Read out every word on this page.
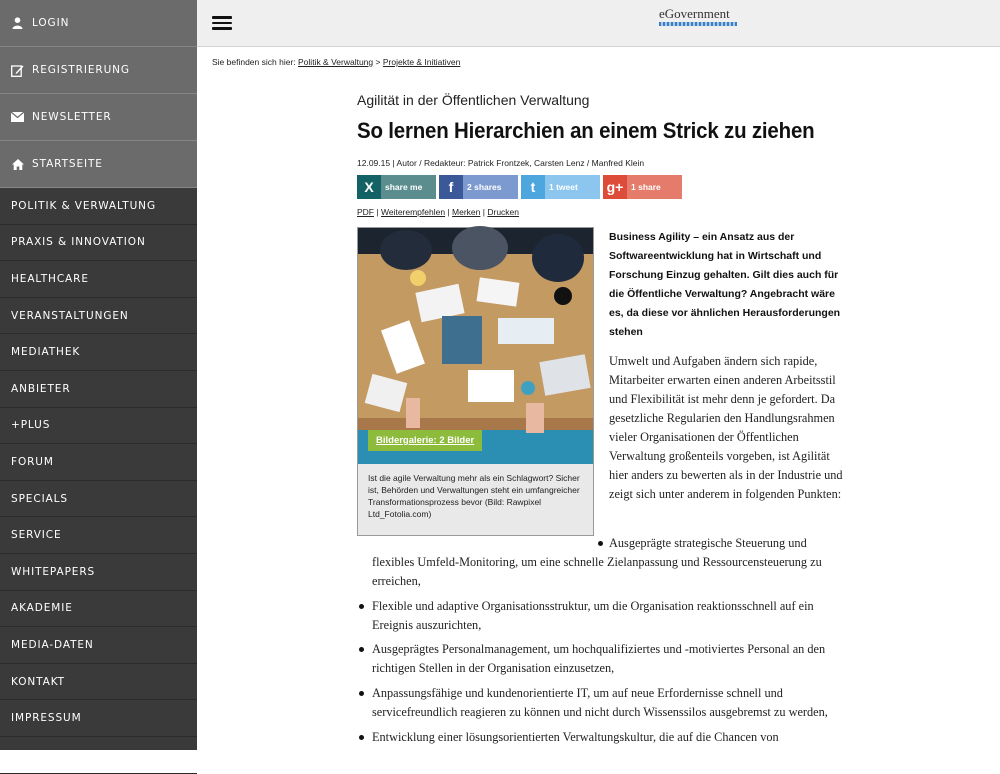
LOGIN
REGISTRIERUNG
NEWSLETTER
STARTSEITE
POLITIK & VERWALTUNG
PRAXIS & INNOVATION
HEALTHCARE
VERANSTALTUNGEN
MEDIATHEK
ANBIETER
+PLUS
FORUM
SPECIALS
SERVICE
WHITEPAPERS
AKADEMIE
MEDIA-DATEN
KONTAKT
IMPRESSUM
MEDIA
eGovernment
Sie befinden sich hier: Politik & Verwaltung > Projekte & Initiativen
Agilität in der Öffentlichen Verwaltung
So lernen Hierarchien an einem Strick zu ziehen
12.09.15 | Autor / Redakteur: Patrick Frontzek, Carsten Lenz / Manfred Klein
X	share me	f	2 shares	t	1 tweet g+ 1 share
PDF | Weiterempfehlen | Merken | Drucken
Bildergalerie: 2 Bilder
Ist die agile Verwaltung mehr als ein Schlagwort? Sicher ist, Behörden und Verwaltungen steht ein umfangreicher Transformationsprozess bevor (Bild: Rawpixel Ltd_Fotolia.com)
Business Agility – ein Ansatz aus der Softwareentwicklung hat in Wirtschaft und Forschung Einzug gehalten. Gilt dies auch für die Öffentliche Verwaltung? Angebracht wäre es, da diese vor ähnlichen Herausforderungen stehen
Umwelt und Aufgaben ändern sich rapide, Mitarbeiter erwarten einen anderen Arbeitsstil und Flexibilität ist mehr denn je gefordert. Da gesetzliche Regularien den Handlungsrahmen vieler Organisationen der Öffentlichen Verwaltung großenteils vorgeben, ist Agilität hier anders zu bewerten als in der Industrie und zeigt sich unter anderem in folgenden Punkten:
Ausgeprägte strategische Steuerung und
flexibles Umfeld-Monitoring, um eine schnelle Zielanpassung und Ressourcensteuerung zu erreichen,
Flexible und adaptive Organisationsstruktur, um die Organisation reaktionsschnell auf ein Ereignis auszurichten,
Ausgeprägtes Personalmanagement, um hochqualifiziertes und -motiviertes Personal an den richtigen Stellen in der Organisation einzusetzen,
Anpassungsfähige und kundenorientierte IT, um auf neue Erfordernisse schnell und servicefreundlich reagieren zu können und nicht durch Wissenssilos ausgebremst zu werden,
Entwicklung einer lösungsorientierten Verwaltungskultur, die auf die Chancen von
